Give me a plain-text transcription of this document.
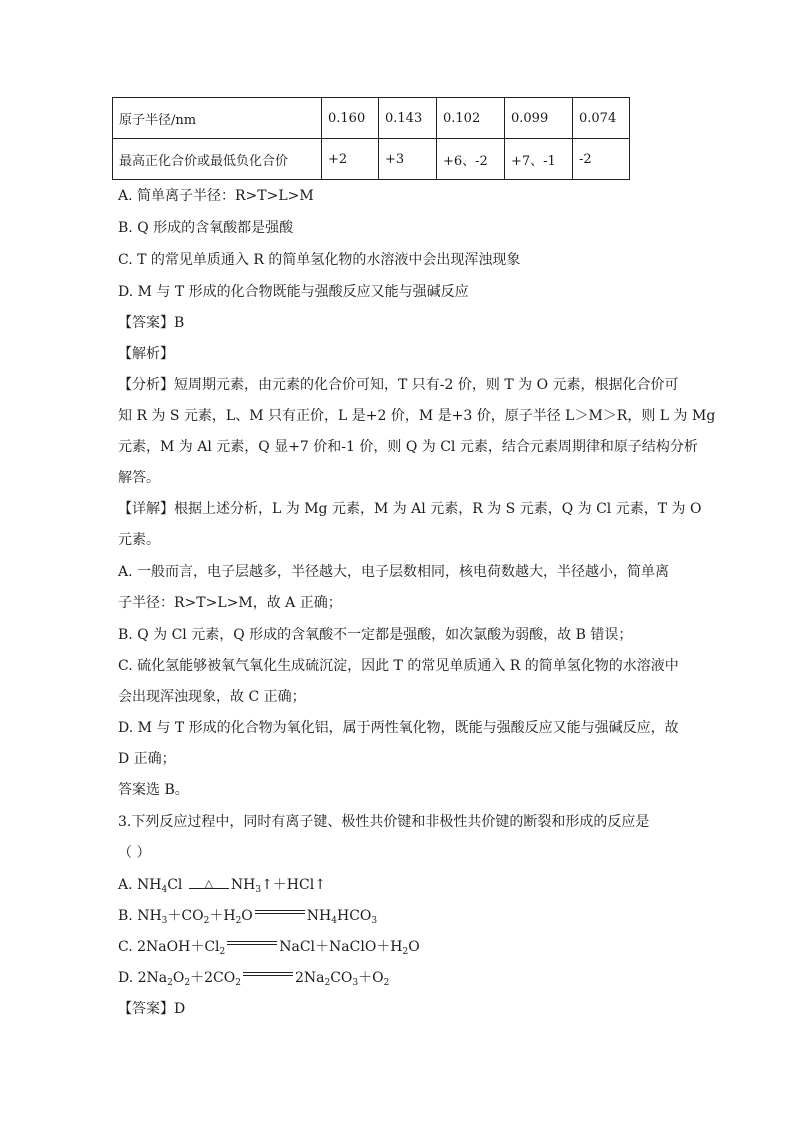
原子半径/nm	0.160	0.143	0.102	0.099	0.074
最高正化合价或最低负化合价	+2	+3	+6、-2	+7、-1	-2
A. 简单离子半径：R>T>L>M
B. Q 形成的含氧酸都是强酸
C. T 的常见单质通入 R 的简单氢化物的水溶液中会出现浑浊现象
D. M 与 T 形成的化合物既能与强酸反应又能与强碱反应
【答案】B
【解析】
【分析】短周期元素，由元素的化合价可知，T 只有-2 价，则 T 为 O 元素，根据化合价可
知 R 为 S 元素，L、M 只有正价，L 是+2 价，M 是+3 价，原子半径 L＞M＞R，则 L 为 Mg
元素，M 为 Al 元素，Q 显+7 价和-1 价，则 Q 为 Cl 元素，结合元素周期律和原子结构分析
解答。
【详解】根据上述分析，L 为 Mg 元素，M 为 Al 元素，R 为 S 元素，Q 为 Cl 元素，T 为 O
元素。
A. 一般而言，电子层越多，半径越大，电子层数相同，核电荷数越大，半径越小，简单离
子半径：R>T>L>M，故 A 正确；
B. Q 为 Cl 元素，Q 形成的含氧酸不一定都是强酸，如次氯酸为弱酸，故 B 错误；
C. 硫化氢能够被氧气氧化生成硫沉淀，因此 T 的常见单质通入 R 的简单氢化物的水溶液中
会出现浑浊现象，故 C 正确；
D. M 与 T 形成的化合物为氧化铝，属于两性氧化物，既能与强酸反应又能与强碱反应，故
D 正确；
答案选 B。
3.下列反应过程中，同时有离子键、极性共价键和非极性共价键的断裂和形成的反应是
（ ）
A. $NH_4Cl$	△	$NH_3↑+HCl↑$
B. $NH_3+CO_2+H_2O$	$NH_4HCO_3$
C. $2NaOH+Cl_2$	$NaCl+NaClO+H_2O$
D. $2Na_2O_2+2CO_2$	$2Na_2CO_3+O_2$
【答案】D
